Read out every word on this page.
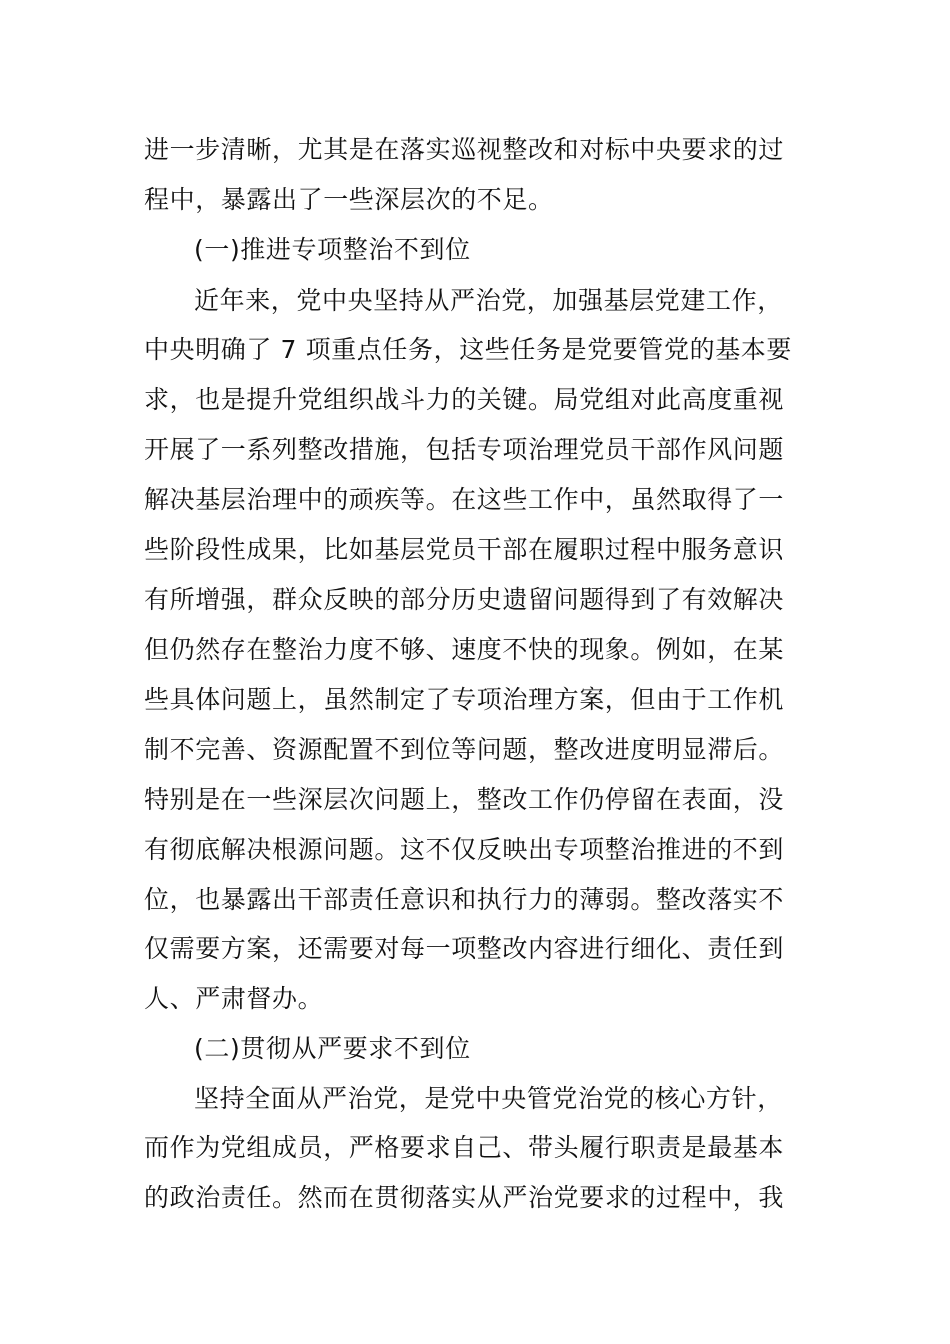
进一步清晰，尤其是在落实巡视整改和对标中央要求的过
程中，暴露出了一些深层次的不足。
(一)推进专项整治不到位
近年来，党中央坚持从严治党，加强基层党建工作，
中央明确了 7 项重点任务，这些任务是党要管党的基本要
求，也是提升党组织战斗力的关键。局党组对此高度重视
开展了一系列整改措施，包括专项治理党员干部作风问题
解决基层治理中的顽疾等。在这些工作中，虽然取得了一
些阶段性成果，比如基层党员干部在履职过程中服务意识
有所增强，群众反映的部分历史遗留问题得到了有效解决
但仍然存在整治力度不够、速度不快的现象。例如，在某
些具体问题上，虽然制定了专项治理方案，但由于工作机
制不完善、资源配置不到位等问题，整改进度明显滞后。
特别是在一些深层次问题上，整改工作仍停留在表面，没
有彻底解决根源问题。这不仅反映出专项整治推进的不到
位，也暴露出干部责任意识和执行力的薄弱。整改落实不
仅需要方案，还需要对每一项整改内容进行细化、责任到
人、严肃督办。
(二)贯彻从严要求不到位
坚持全面从严治党，是党中央管党治党的核心方针，
而作为党组成员，严格要求自己、带头履行职责是最基本
的政治责任。然而在贯彻落实从严治党要求的过程中，我
